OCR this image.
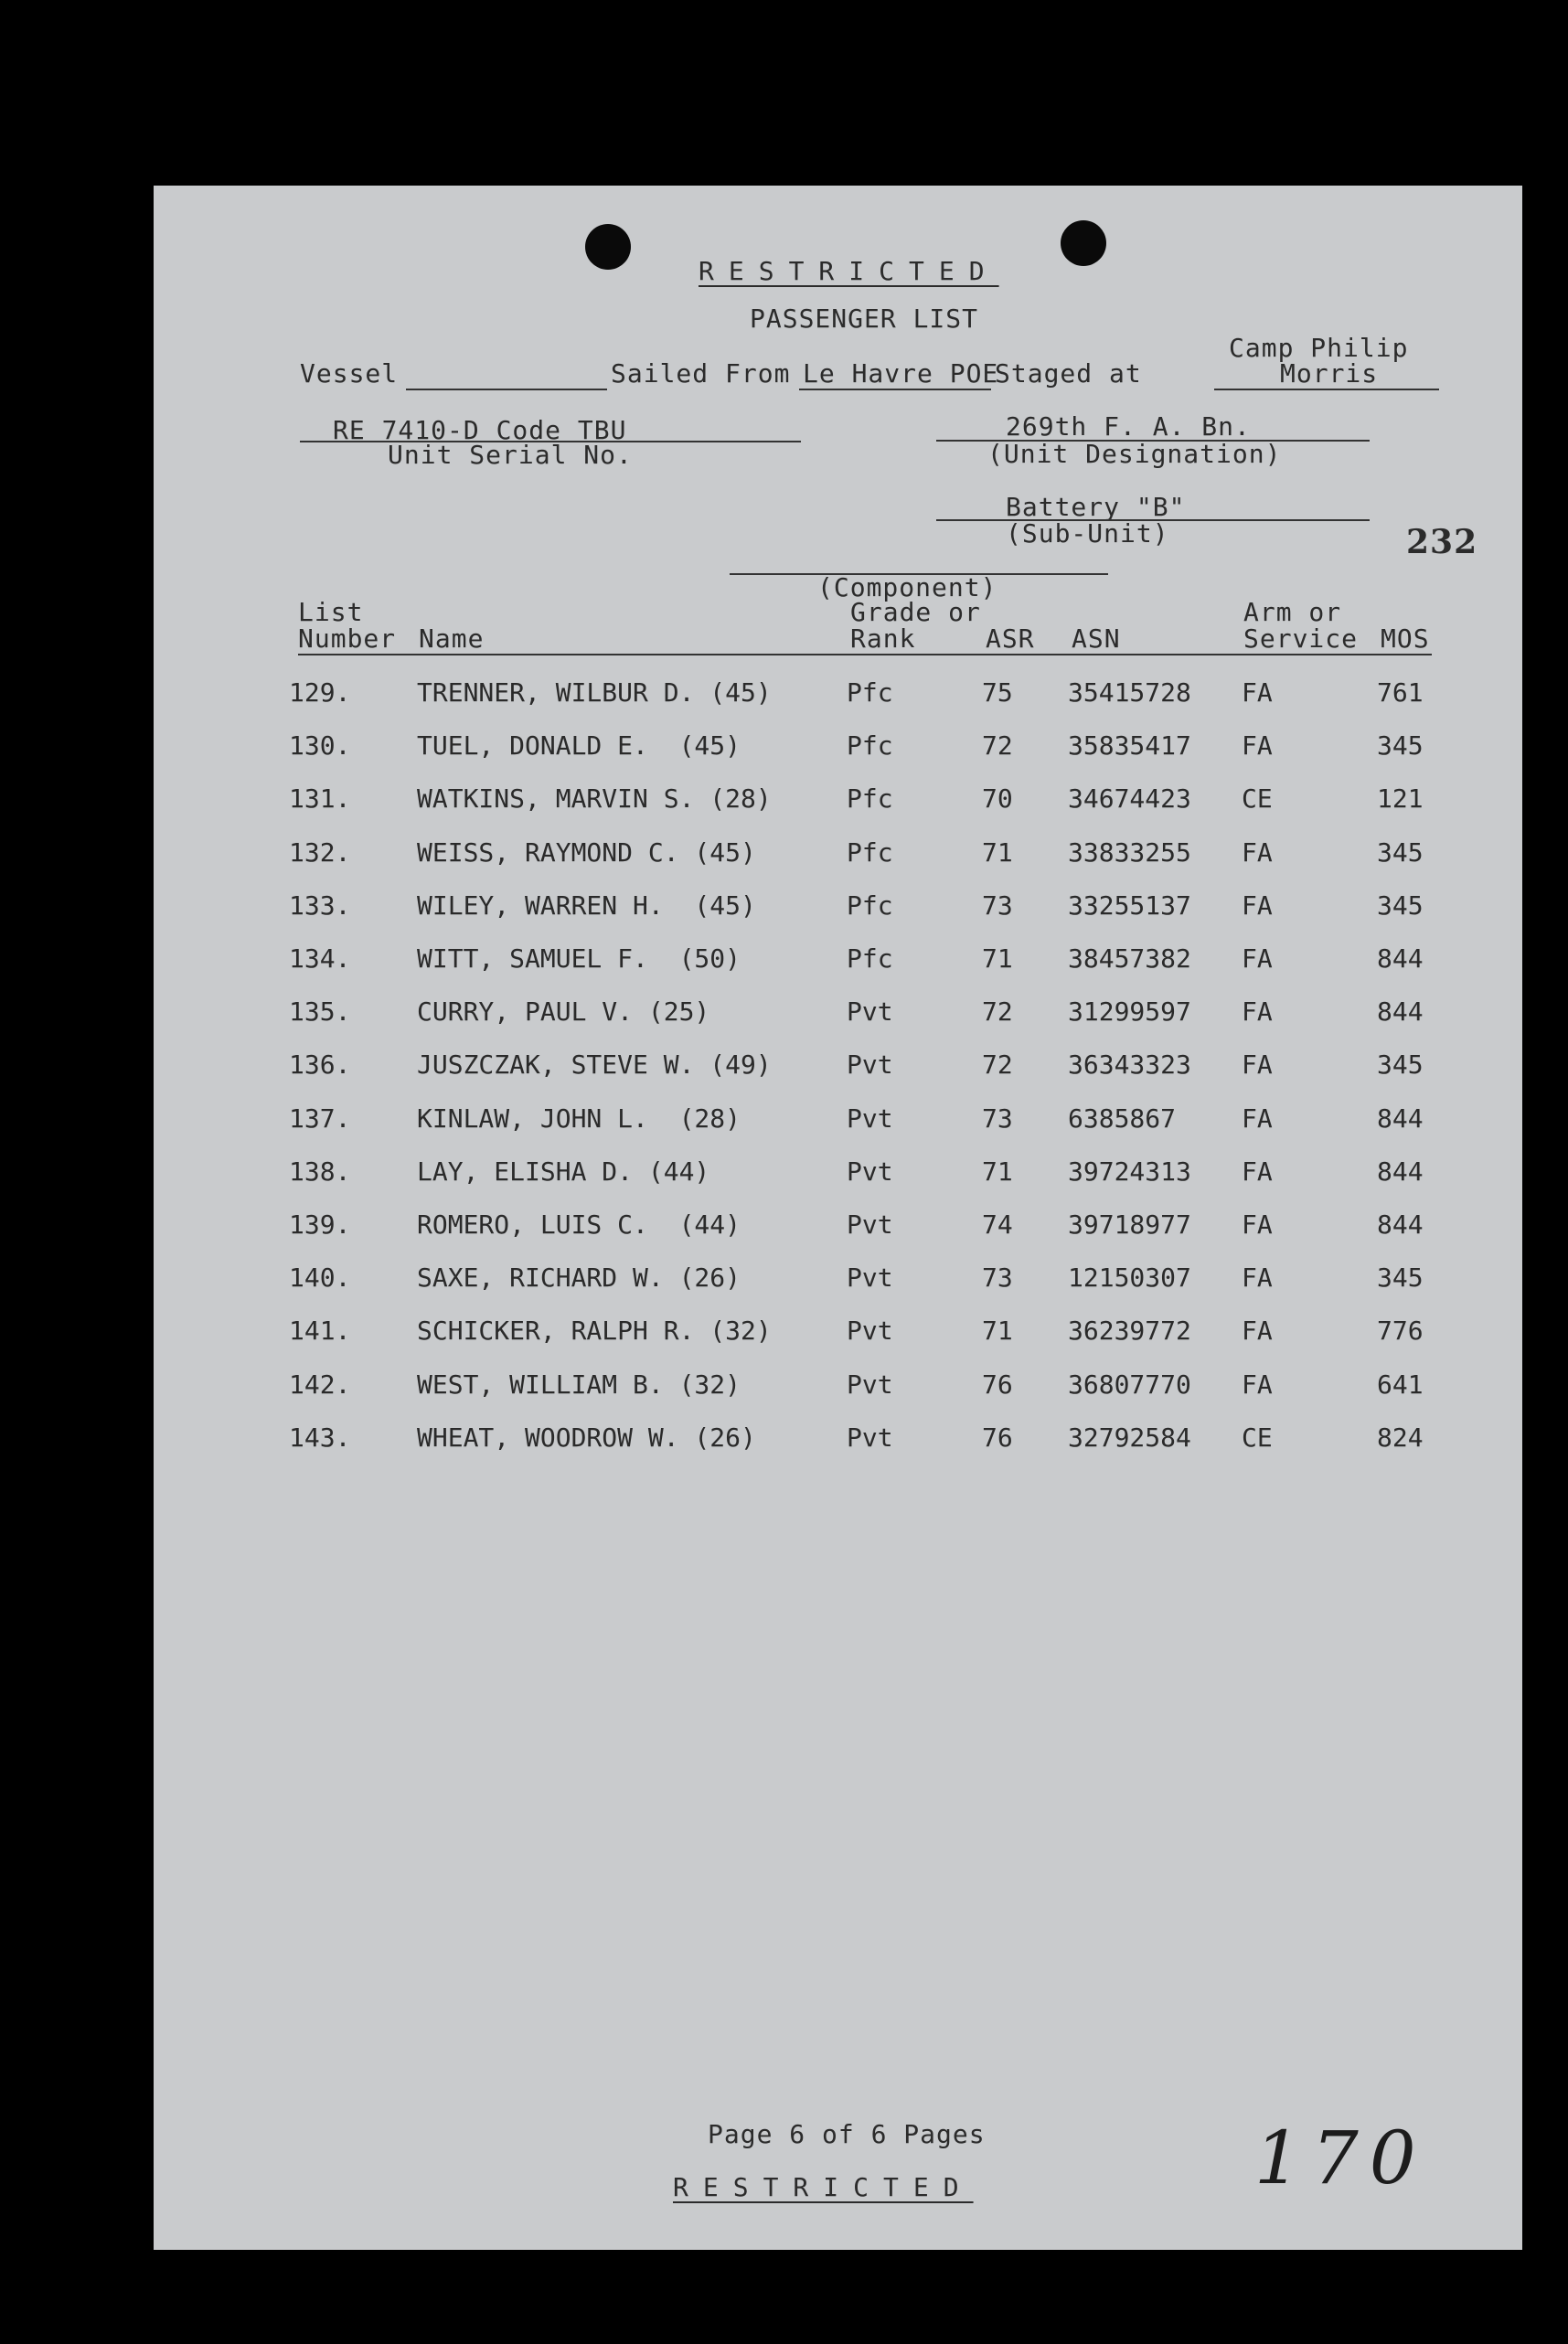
RESTRICTED
PASSENGER LIST
Vessel	Sailed From Le Havre POE
Staged at
Camp Philip
Morris
RE 7410-D Code TBU
Unit Serial No.
269th F. A. Bn.
(Unit Designation)
Battery "B"
(Sub-Unit)	232
(Component)
List	Grade or	Arm or
Number Name	Rank	ASR ASN	Service MOS
129.	TRENNER, WILBUR D. (45)	Pfc	75 35415728 FA	761
130.	TUEL, DONALD E.  (45)	Pfc	72 35835417 FA	345
131.	WATKINS, MARVIN S. (28)	Pfc	70 34674423 CE	121
132.	WEISS, RAYMOND C. (45)	Pfc	71 33833255 FA	345
133.	WILEY, WARREN H.  (45)	Pfc	73 33255137 FA	345
134.	WITT, SAMUEL F.  (50)	Pfc	71 38457382 FA	844
135.	CURRY, PAUL V. (25)	Pvt	72 31299597 FA	844
136.	JUSZCZAK, STEVE W. (49)	Pvt	72 36343323 FA	345
137.	KINLAW, JOHN L.  (28)	Pvt	73 6385867	FA	844
138.	LAY, ELISHA D. (44)	Pvt	71 39724313 FA	844
139.	ROMERO, LUIS C.  (44)	Pvt	74 39718977 FA	844
140.	SAXE, RICHARD W. (26)	Pvt	73 12150307 FA	345
141.	SCHICKER, RALPH R. (32)	Pvt	71 36239772 FA	776
142.	WEST, WILLIAM B. (32)	Pvt	76 36807770 FA	641
143.	WHEAT, WOODROW W. (26)	Pvt	76 32792584 CE	824
Page 6 of 6 Pages
RESTRICTED	170
